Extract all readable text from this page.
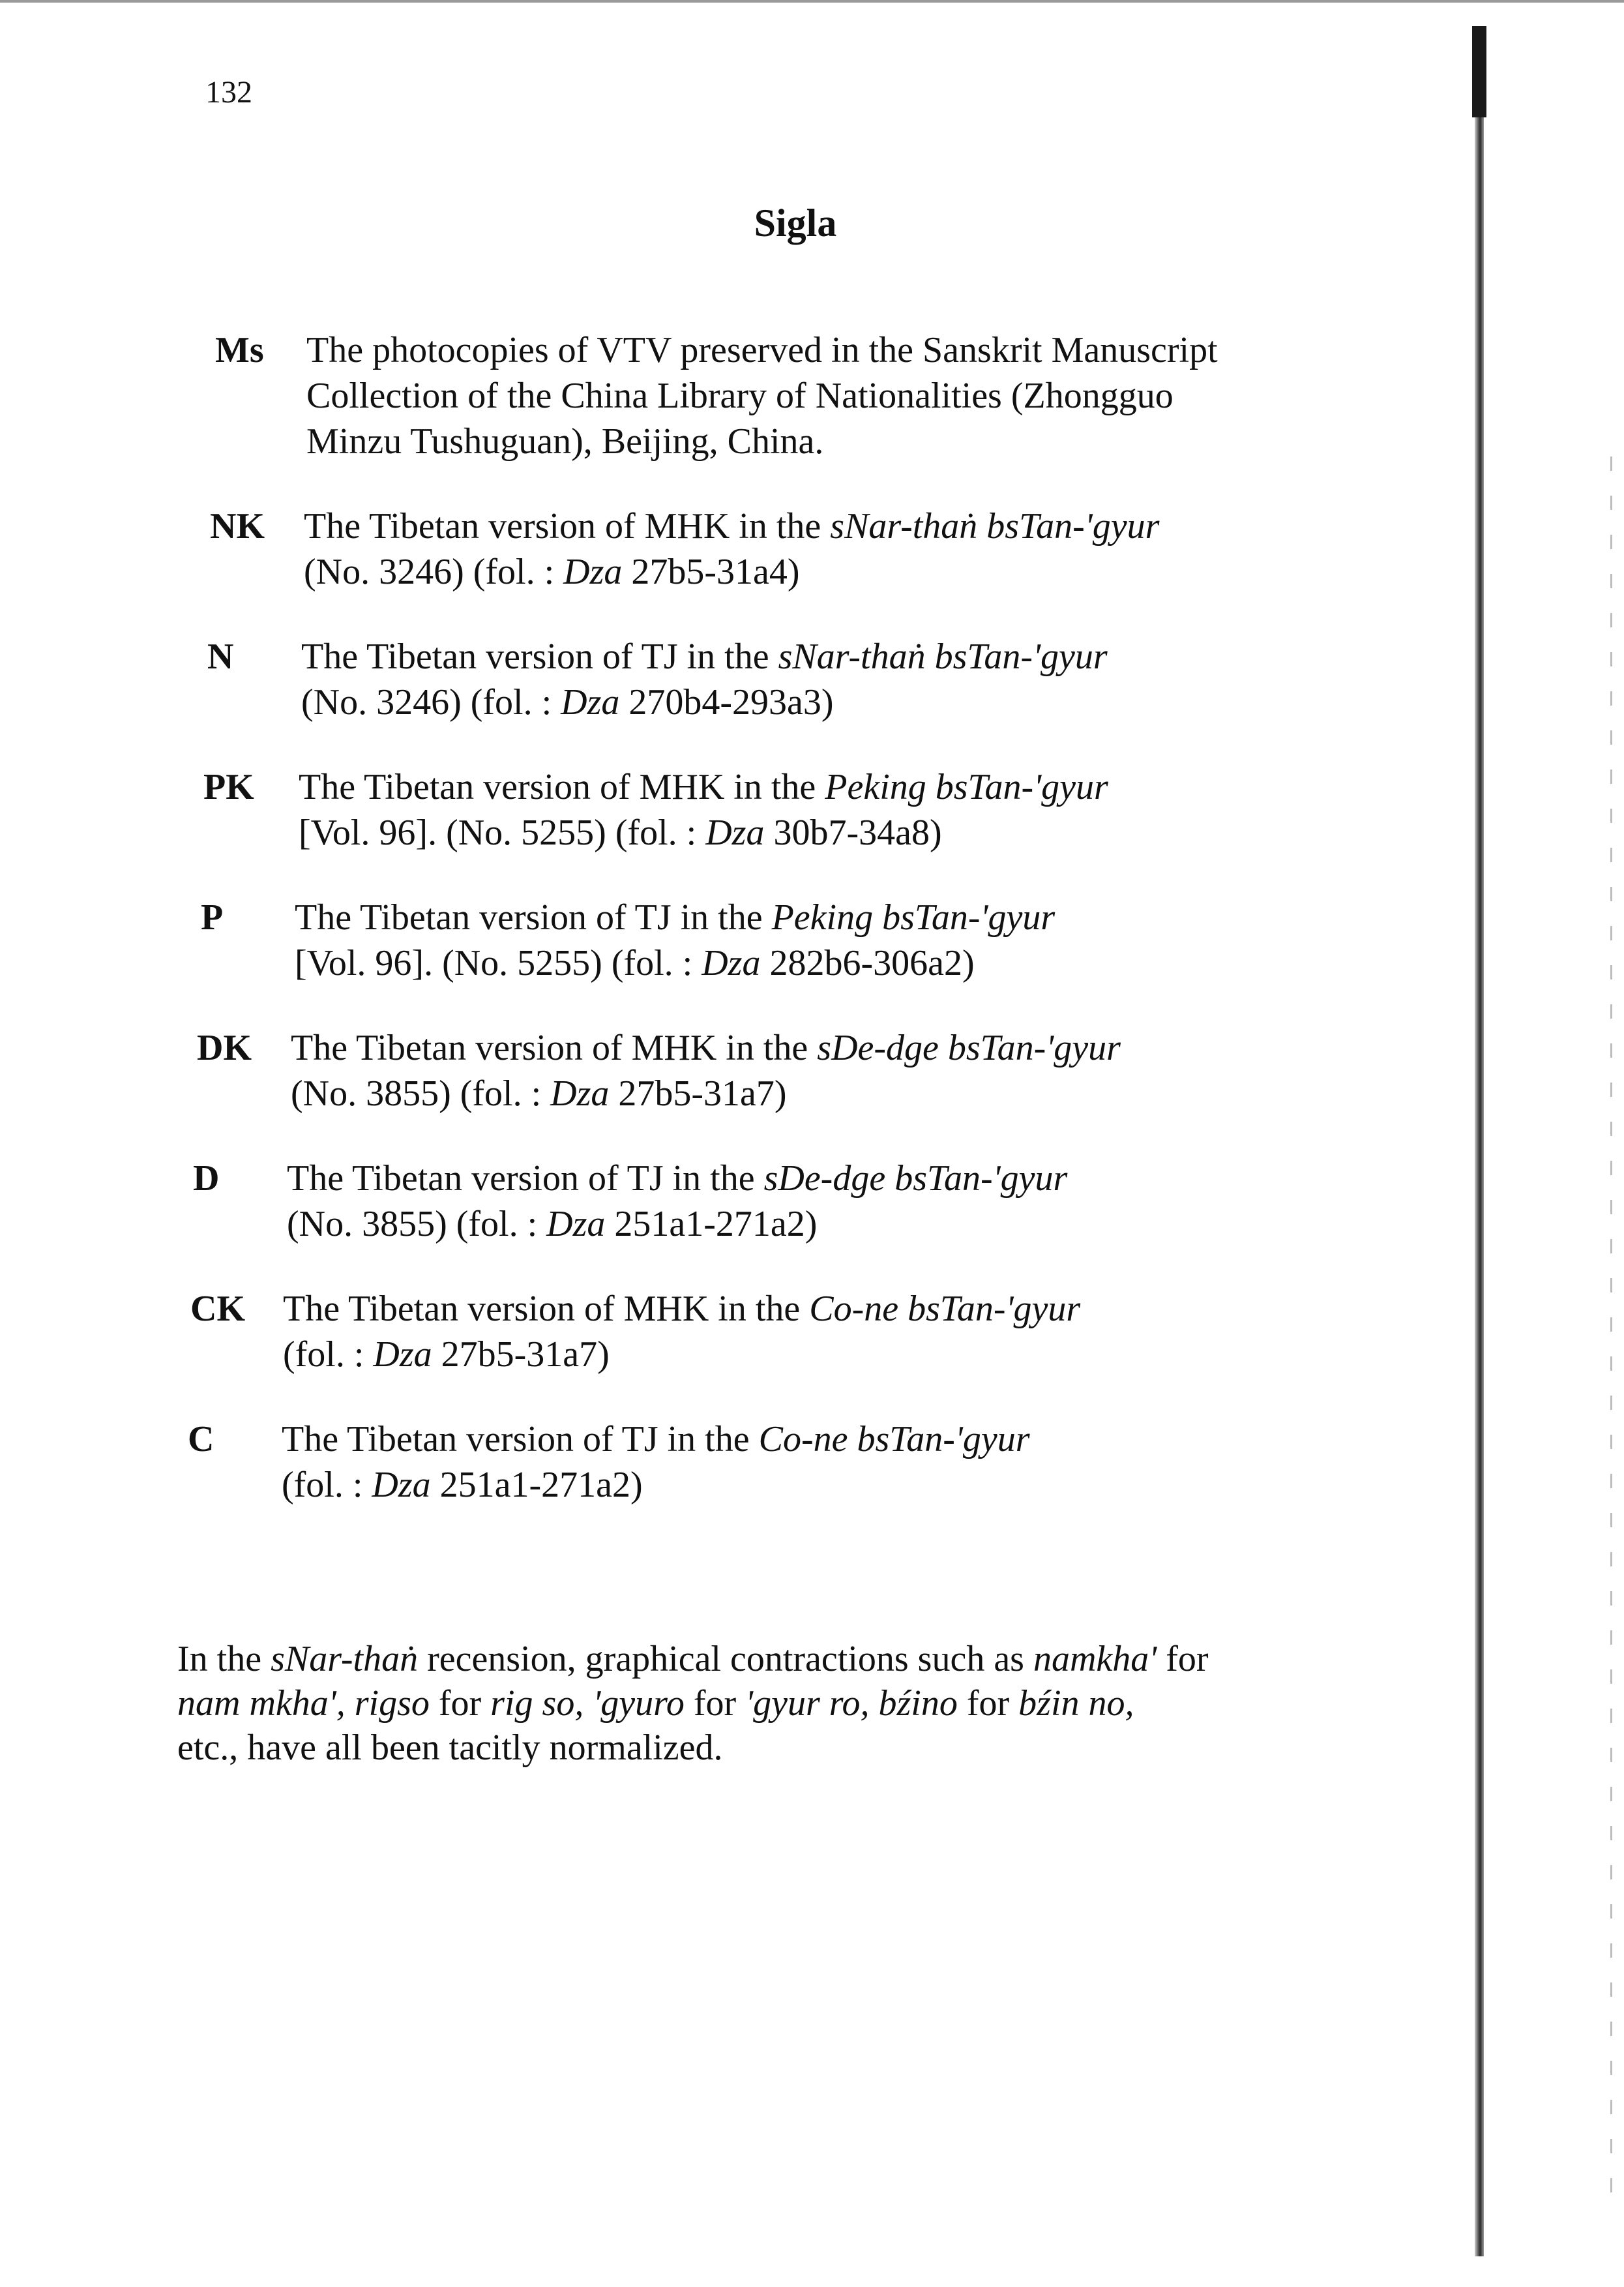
132
Sigla
Ms The photocopies of VTV preserved in the Sanskrit Manuscript
Collection of the China Library of Nationalities (Zhongguo
Minzu Tushuguan), Beijing, China.
NK The Tibetan version of MHK in the sNar-thaṅ bsTan-'gyur
(No. 3246) (fol. : Dza 27b5-31a4)
N The Tibetan version of TJ in the sNar-thaṅ bsTan-'gyur
(No. 3246) (fol. : Dza 270b4-293a3)
PK The Tibetan version of MHK in the Peking bsTan-'gyur
[Vol. 96]. (No. 5255) (fol. : Dza 30b7-34a8)
P The Tibetan version of TJ in the Peking bsTan-'gyur
[Vol. 96]. (No. 5255) (fol. : Dza 282b6-306a2)
DK The Tibetan version of MHK in the sDe-dge bsTan-'gyur
(No. 3855) (fol. : Dza 27b5-31a7)
D The Tibetan version of TJ in the sDe-dge bsTan-'gyur
(No. 3855) (fol. : Dza 251a1-271a2)
CK The Tibetan version of MHK in the Co-ne bsTan-'gyur
(fol. : Dza 27b5-31a7)
C The Tibetan version of TJ in the Co-ne bsTan-'gyur
(fol. : Dza 251a1-271a2)
In the sNar-thaṅ recension, graphical contractions such as namkha' for
nam mkha', rigso for rig so, 'gyuro for 'gyur ro, bźino for bźin no,
etc., have all been tacitly normalized.
